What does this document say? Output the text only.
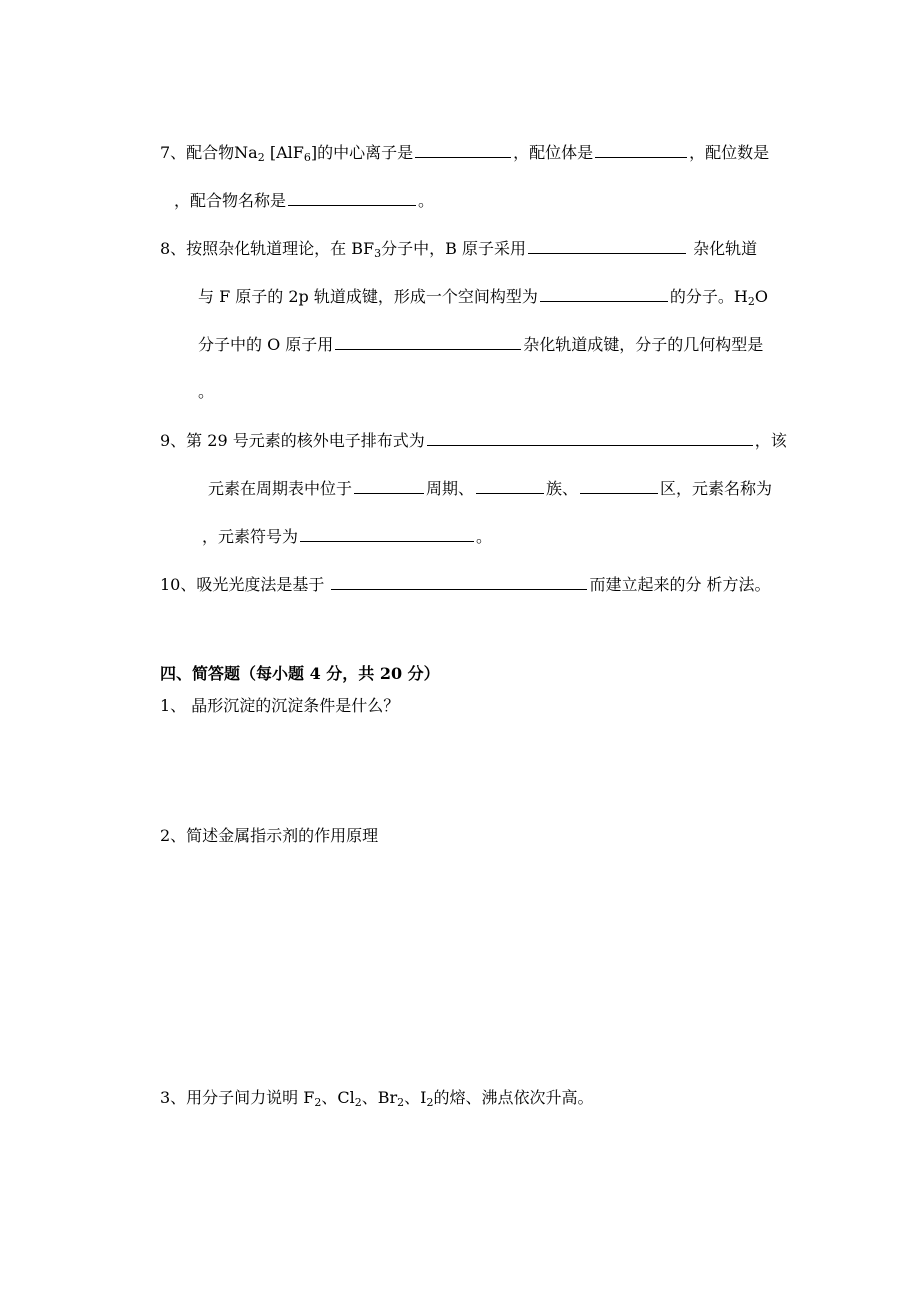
7、配合物$Na_2$ [AlF$_6$]的中心离子是	，配位体是	，配位数是
，配合物名称是	。
8、按照杂化轨道理论，在 $BF_3$分子中，B 原子采用	杂化轨道
与 F 原子的 2p 轨道成键，形成一个空间构型为	的分子。$H_2O$
分子中的 O 原子用	杂化轨道成键，分子的几何构型是
。
9、第 29 号元素的核外电子排布式为	，该
元素在周期表中位于	周期、	族、	区，元素名称为
，元素符号为	。
10、吸光光度法是基于	而建立起来的分 析方法。
四、简答题（每小题 4 分，共 20 分）
1、 晶形沉淀的沉淀条件是什么？
2、简述金属指示剂的作用原理
3、用分子间力说明 $F_2$、$Cl_2$、$Br_2$、$I_2$的熔、沸点依次升高。
